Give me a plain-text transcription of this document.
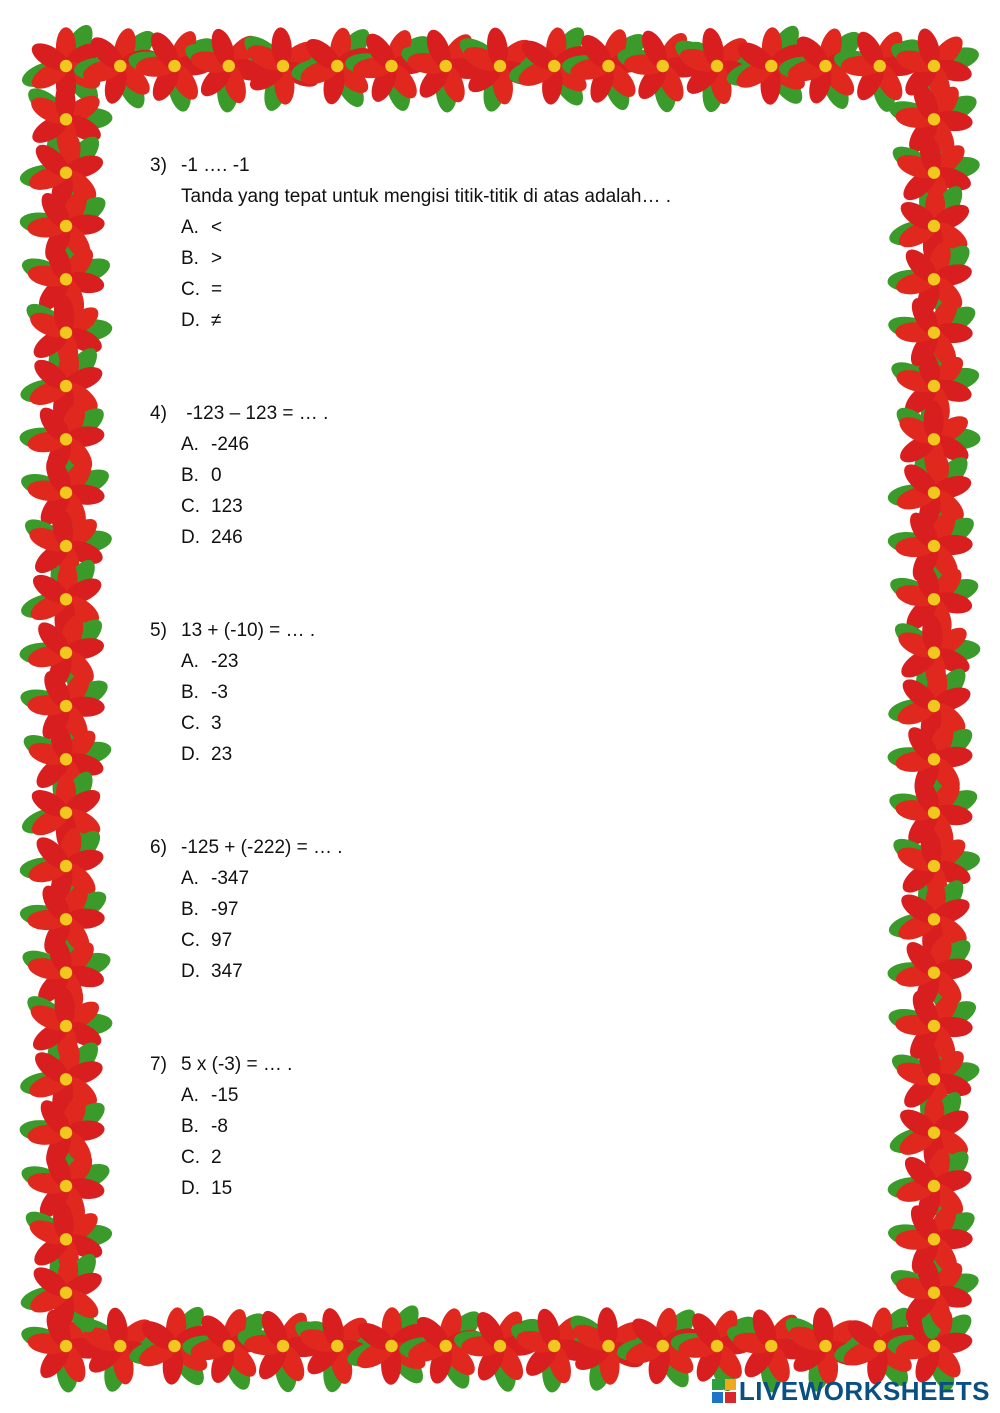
3) -1 …. -1
Tanda yang tepat untuk mengisi titik-titik di atas adalah… .
A. <
B. >
C. =
D. ≠
4) -123 – 123 = … .
A. -246
B. 0
C. 123
D. 246
5) 13 + (-10) = … .
A. -23
B. -3
C. 3
D. 23
6) -125 + (-222) = … .
A. -347
B. -97
C. 97
D. 347
7) 5 x (-3) = … .
A. -15
B. -8
C. 2
D. 15
LIVEWORKSHEETS
